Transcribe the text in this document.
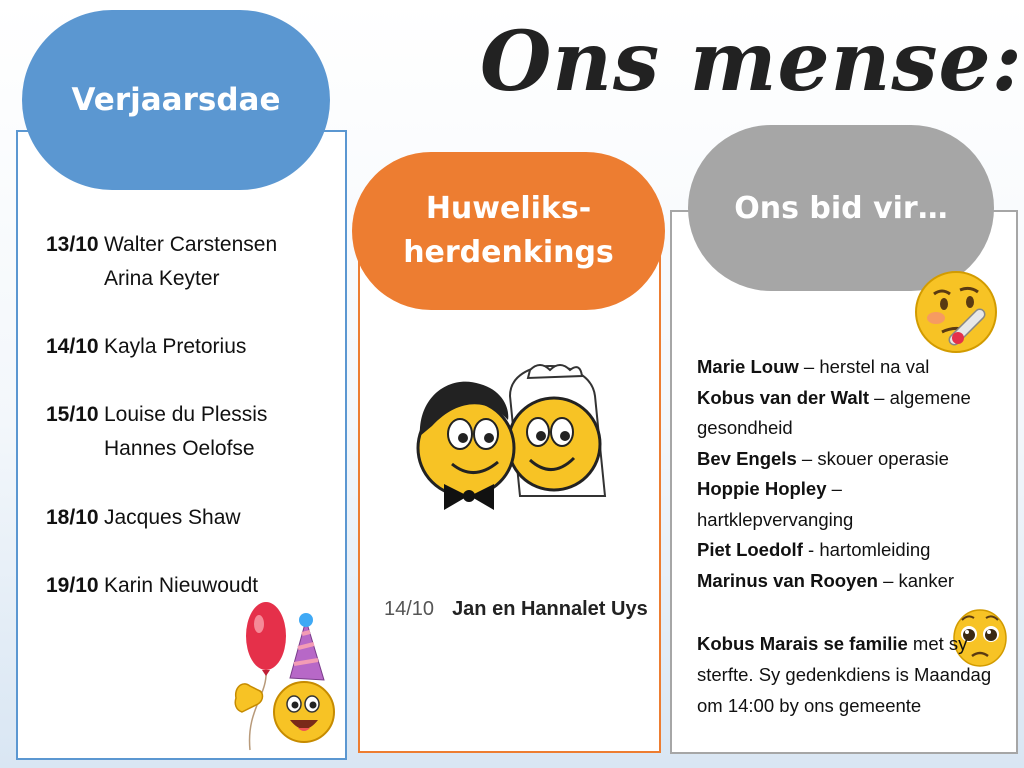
Ons mense:
Verjaarsdae
Huweliks-
herdenkings
Ons bid vir…
13/10 Walter Carstensen
Arina Keyter
14/10 Kayla Pretorius
15/10 Louise du Plessis
Hannes Oelofse
18/10 Jacques Shaw
19/10 Karin Nieuwoudt
14/10 Jan en Hannalet Uys
Marie Louw – herstel na val
Kobus van der Walt – algemene gesondheid
Bev Engels – skouer operasie
Hoppie Hopley – hartklepvervanging
Piet Loedolf - hartomleiding
Marinus van Rooyen – kanker
Kobus Marais se familie met sy sterfte. Sy gedenkdiens is Maandag om 14:00 by ons gemeente
